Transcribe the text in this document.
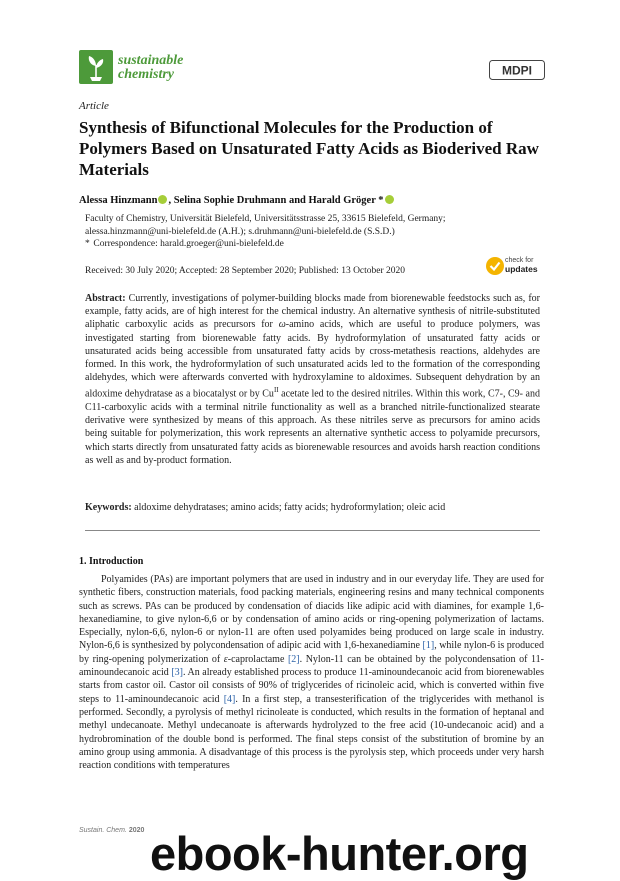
sustainable
chemistry	MDPI
Article
Synthesis of Bifunctional Molecules for the Production of Polymers Based on Unsaturated Fatty Acids as Bioderived Raw Materials
Alessa Hinzmann , Selina Sophie Druhmann and Harald Gröger *
Faculty of Chemistry, Universität Bielefeld, Universitätsstrasse 25, 33615 Bielefeld, Germany;
alessa.hinzmann@uni-bielefeld.de (A.H.); s.druhmann@uni-bielefeld.de (S.S.D.)
* Correspondence: harald.groeger@uni-bielefeld.de
Received: 30 July 2020; Accepted: 28 September 2020; Published: 13 October 2020
check for
updates
Abstract: Currently, investigations of polymer-building blocks made from biorenewable feedstocks such as, for example, fatty acids, are of high interest for the chemical industry. An alternative synthesis of nitrile-substituted aliphatic carboxylic acids as precursors for ω-amino acids, which are useful to produce polymers, was investigated starting from biorenewable fatty acids. By hydroformylation of unsaturated fatty acids or unsaturated acids being accessible from unsaturated fatty acids by cross-metathesis reactions, aldehydes are formed. In this work, the hydroformylation of such unsaturated acids led to the formation of the corresponding aldehydes, which were afterwards converted with hydroxylamine to aldoximes. Subsequent dehydration by an aldoxime dehydratase as a biocatalyst or by $Cu^{II}$ acetate led to the desired nitriles. Within this work, C7-, C9- and C11-carboxylic acids with a terminal nitrile functionality as well as a branched nitrile-functionalized stearate derivative were synthesized by means of this approach. As these nitriles serve as precursors for amino acids being suitable for polymerization, this work represents an alternative synthetic access to polyamide precursors, which starts directly from unsaturated fatty acids as biorenewable resources and avoids harsh reaction conditions as well as and by-product formation.
Keywords: aldoxime dehydratases; amino acids; fatty acids; hydroformylation; oleic acid
1. Introduction
Polyamides (PAs) are important polymers that are used in industry and in our everyday life. They are used for synthetic fibers, construction materials, food packing materials, engineering resins and many technical components such as screws. PAs can be produced by condensation of diacids like adipic acid with diamines, for example 1,6-hexanediamine, to give nylon-6,6 or by condensation of amino acids or ring-opening polymerization of lactams. Especially, nylon-6,6, nylon-6 or nylon-11 are often used polyamides being produced on large scale in industry. Nylon-6,6 is synthesized by polycondensation of adipic acid with 1,6-hexanediamine [1], while nylon-6 is produced by ring-opening polymerization of ε-caprolactame [2]. Nylon-11 can be obtained by the polycondensation of 11-aminoundecanoic acid [3]. An already established process to produce 11-aminoundecanoic acid from biorenewables starts from castor oil. Castor oil consists of 90% of triglycerides of ricinoleic acid, which is converted within five steps to 11-aminoundecanoic acid [4]. In a first step, a transesterification of the triglycerides with methanol is performed. Secondly, a pyrolysis of methyl ricinoleate is conducted, which results in the formation of heptanal and methyl undecanoate. Methyl undecanoate is afterwards hydrolyzed to the free acid (10-undecanoic acid) and a hydrobromination of the double bond is performed. The final steps consist of the substitution of bromine by an amino group using ammonia. A disadvantage of this process is the pyrolysis step, which proceeds under very harsh reaction conditions with temperatures
Sustain. Chem. 2020 ebook-hunter.org
